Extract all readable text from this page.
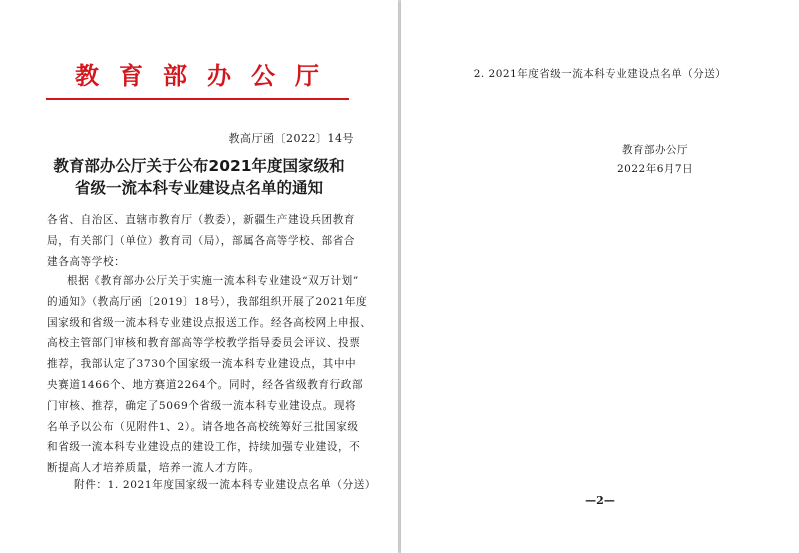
教育部办公厅
教高厅函〔2022〕14号
教育部办公厅关于公布2021年度国家级和
省级一流本科专业建设点名单的通知
各省、自治区、直辖市教育厅（教委），新疆生产建设兵团教育
局，有关部门（单位）教育司（局），部属各高等学校、部省合
建各高等学校：
根据《教育部办公厅关于实施一流本科专业建设“双万计划”
的通知》（教高厅函〔2019〕18号），我部组织开展了2021年度
国家级和省级一流本科专业建设点报送工作。经各高校网上申报、
高校主管部门审核和教育部高等学校教学指导委员会评议、投票
推荐，我部认定了3730个国家级一流本科专业建设点，其中中
央赛道1466个、地方赛道2264个。同时，经各省级教育行政部
门审核、推荐，确定了5069个省级一流本科专业建设点。现将
名单予以公布（见附件1、2）。请各地各高校统筹好三批国家级
和省级一流本科专业建设点的建设工作，持续加强专业建设，不
断提高人才培养质量，培养一流人才方阵。
附件：1. 2021年度国家级一流本科专业建设点名单（分送）
2. 2021年度省级一流本科专业建设点名单（分送）
教育部办公厅
2022年6月7日
—2—
